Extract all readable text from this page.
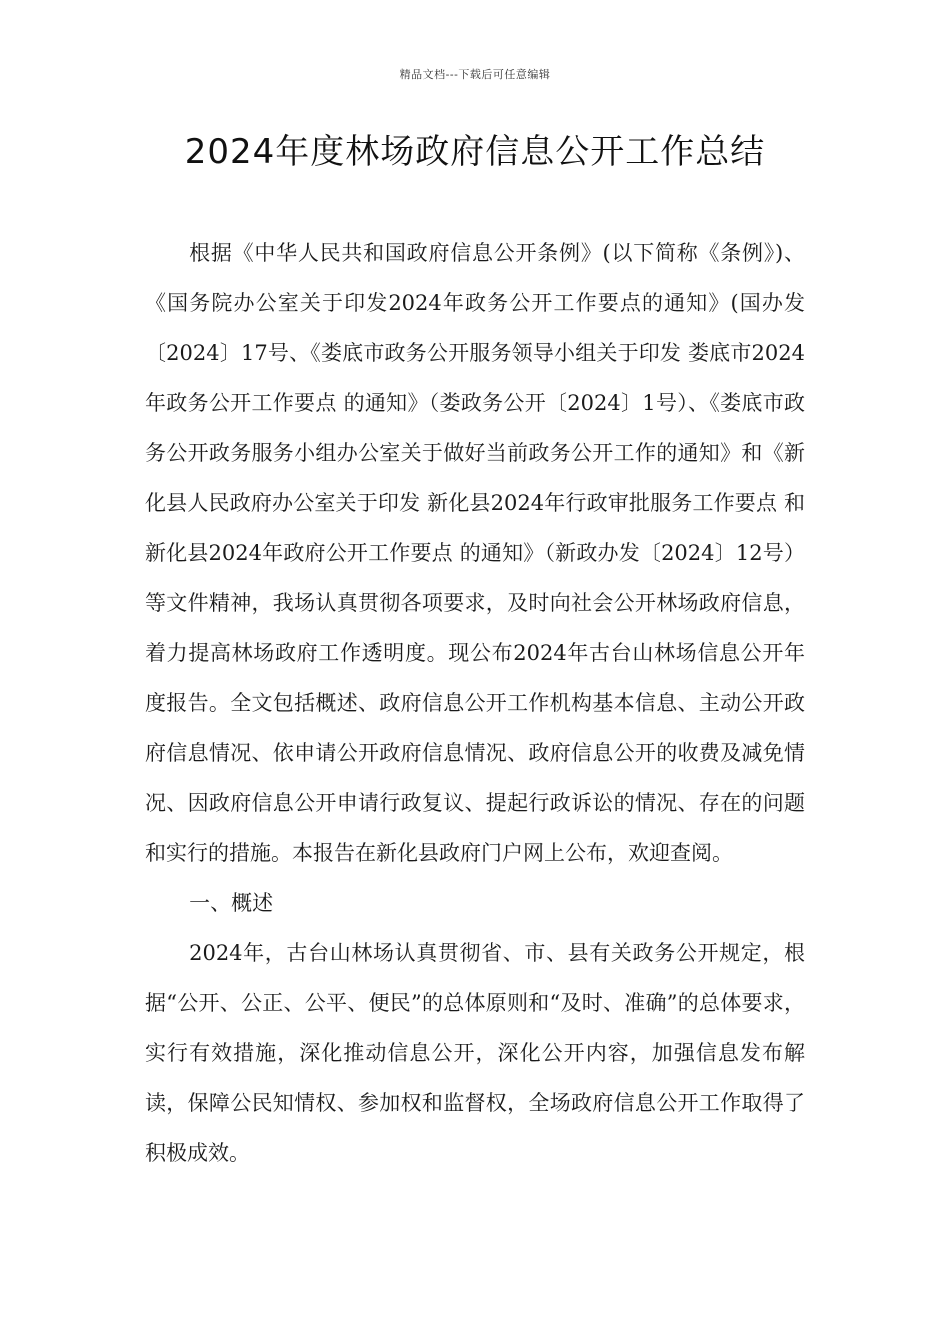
精品文档---下载后可任意编辑
2024年度林场政府信息公开工作总结

根据《中华人民共和国政府信息公开条例》(以下简称《条例》)、《国务院办公室关于印发2024年政务公开工作要点的通知》(国办发〔2024〕17号、《娄底市政务公开服务领导小组关于印发 娄底市2024年政务公开工作要点 的通知》（娄政务公开〔2024〕1号）、《娄底市政务公开政务服务小组办公室关于做好当前政务公开工作的通知》和《新化县人民政府办公室关于印发 新化县2024年行政审批服务工作要点 和 新化县2024年政府公开工作要点 的通知》（新政办发〔2024〕12号）等文件精神，我场认真贯彻各项要求，及时向社会公开林场政府信息，着力提高林场政府工作透明度。现公布2024年古台山林场信息公开年度报告。全文包括概述、政府信息公开工作机构基本信息、主动公开政府信息情况、依申请公开政府信息情况、政府信息公开的收费及减免情况、因政府信息公开申请行政复议、提起行政诉讼的情况、存在的问题和实行的措施。本报告在新化县政府门户网上公布，欢迎查阅。

一、概述

2024年，古台山林场认真贯彻省、市、县有关政务公开规定，根据“公开、公正、公平、便民”的总体原则和“及时、准确”的总体要求，实行有效措施，深化推动信息公开，深化公开内容，加强信息发布解读，保障公民知情权、参加权和监督权，全场政府信息公开工作取得了积极成效。
